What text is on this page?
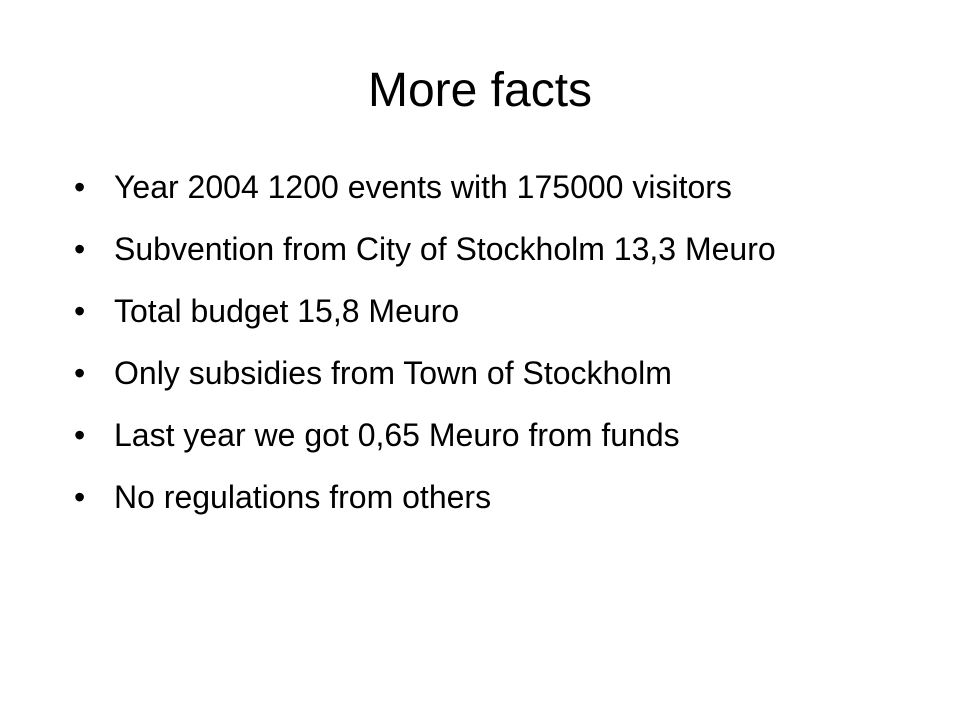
More facts
• Year 2004 1200 events with 175000 visitors
• Subvention from City of Stockholm 13,3 Meuro
• Total budget 15,8 Meuro
• Only subsidies from Town of Stockholm
• Last year we got 0,65 Meuro from funds
• No regulations from others
